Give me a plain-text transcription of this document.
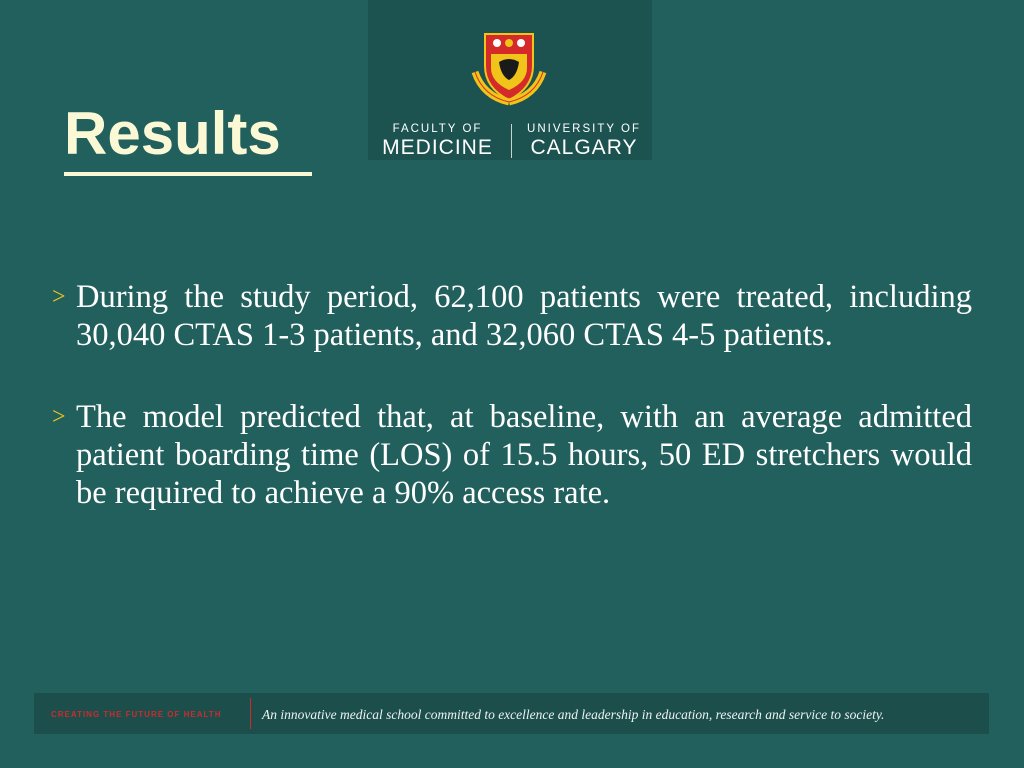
Results	FACULTY OF
MEDICINE
UNIVERSITY OF
CALGARY
> During the study period, 62,100 patients were treated, including 30,040 CTAS 1-3 patients, and 32,060 CTAS 4-5 patients.

> The model predicted that, at baseline, with an average admitted patient boarding time (LOS) of 15.5 hours, 50 ED stretchers would be required to achieve a 90% access rate.

CREATING THE FUTURE OF HEALTH	An innovative medical school committed to excellence and leadership in education, research and service to society.
